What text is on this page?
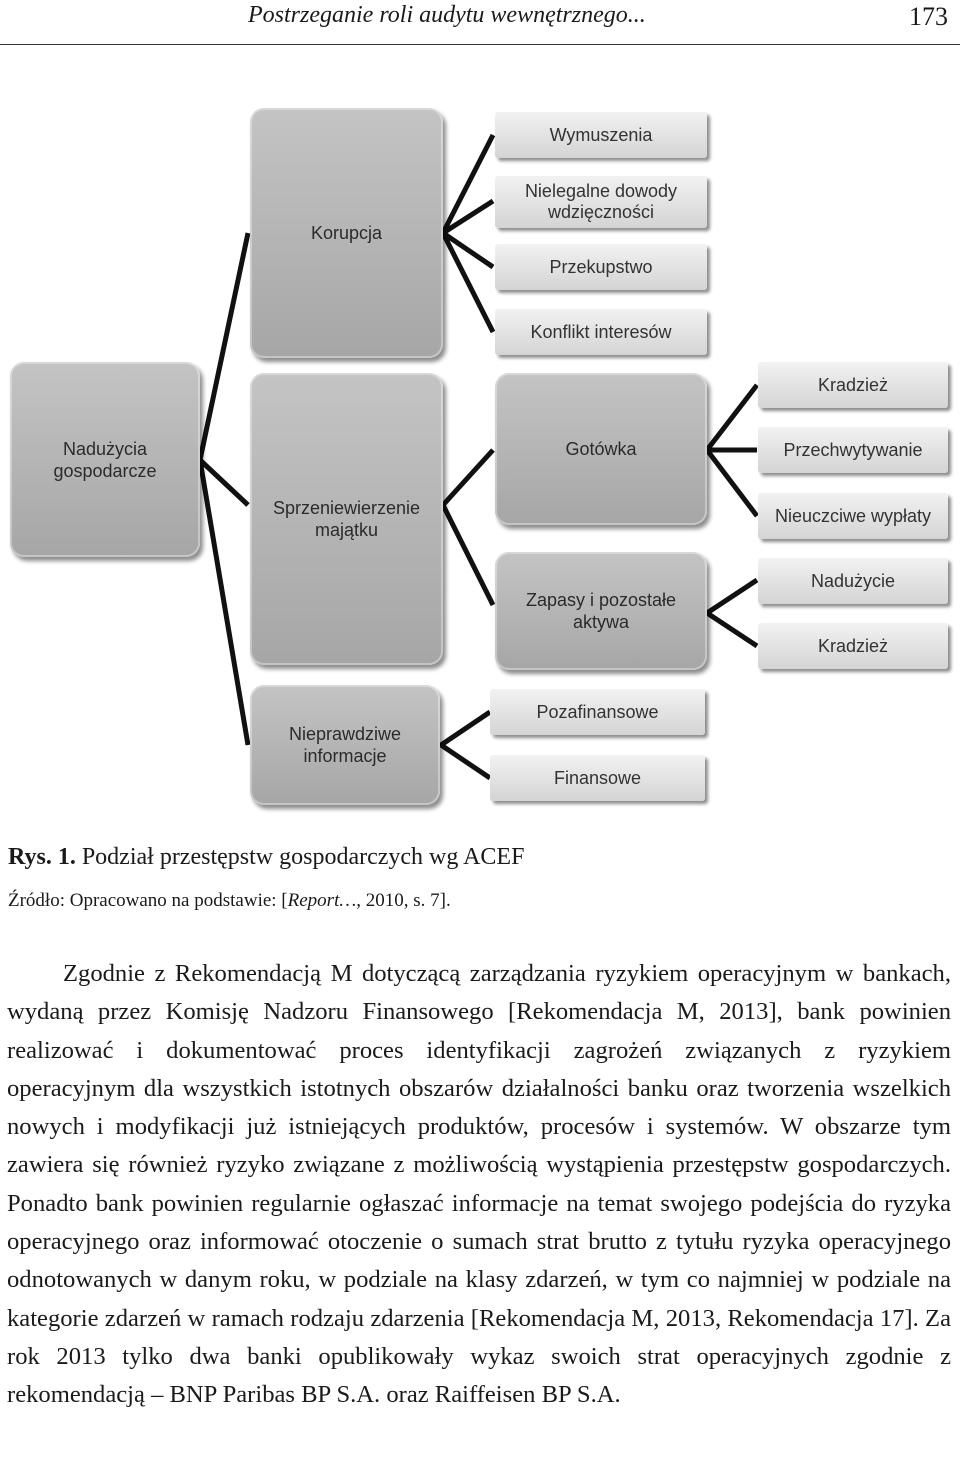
Postrzeganie roli audytu wewnętrznego...	173
Nadużycia gospodarcze
Korupcja
Sprzeniewierzenie majątku
Nieprawdziwe informacje
Wymuszenia
Nielegalne dowody wdzięczności
Przekupstwo
Konflikt interesów
Gotówka
Zapasy i pozostałe aktywa
Kradzież
Przechwytywanie
Nieuczciwe wypłaty
Nadużycie
Kradzież
Pozafinansowe
Finansowe
Rys. 1. Podział przestępstw gospodarczych wg ACEF
Źródło: Opracowano na podstawie: [Report…, 2010, s. 7].

Zgodnie z Rekomendacją M dotyczącą zarządzania ryzykiem operacyjnym w bankach, wydaną przez Komisję Nadzoru Finansowego [Rekomendacja M, 2013], bank powinien realizować i dokumentować proces identyfikacji zagrożeń związanych z ryzykiem operacyjnym dla wszystkich istotnych obszarów działalności banku oraz tworzenia wszelkich nowych i modyfikacji już istniejących produktów, procesów i systemów. W obszarze tym zawiera się również ryzyko związane z możliwością wystąpienia przestępstw gospodarczych. Ponadto bank powinien regularnie ogłaszać informacje na temat swojego podejścia do ryzyka operacyjnego oraz informować otoczenie o sumach strat brutto z tytułu ryzyka operacyjnego odnotowanych w danym roku, w podziale na klasy zdarzeń, w tym co najmniej w podziale na kategorie zdarzeń w ramach rodzaju zdarzenia [Rekomendacja M, 2013, Rekomendacja 17]. Za rok 2013 tylko dwa banki opublikowały wykaz swoich strat operacyjnych zgodnie z rekomendacją – BNP Paribas BP S.A. oraz Raiffeisen BP S.A.
